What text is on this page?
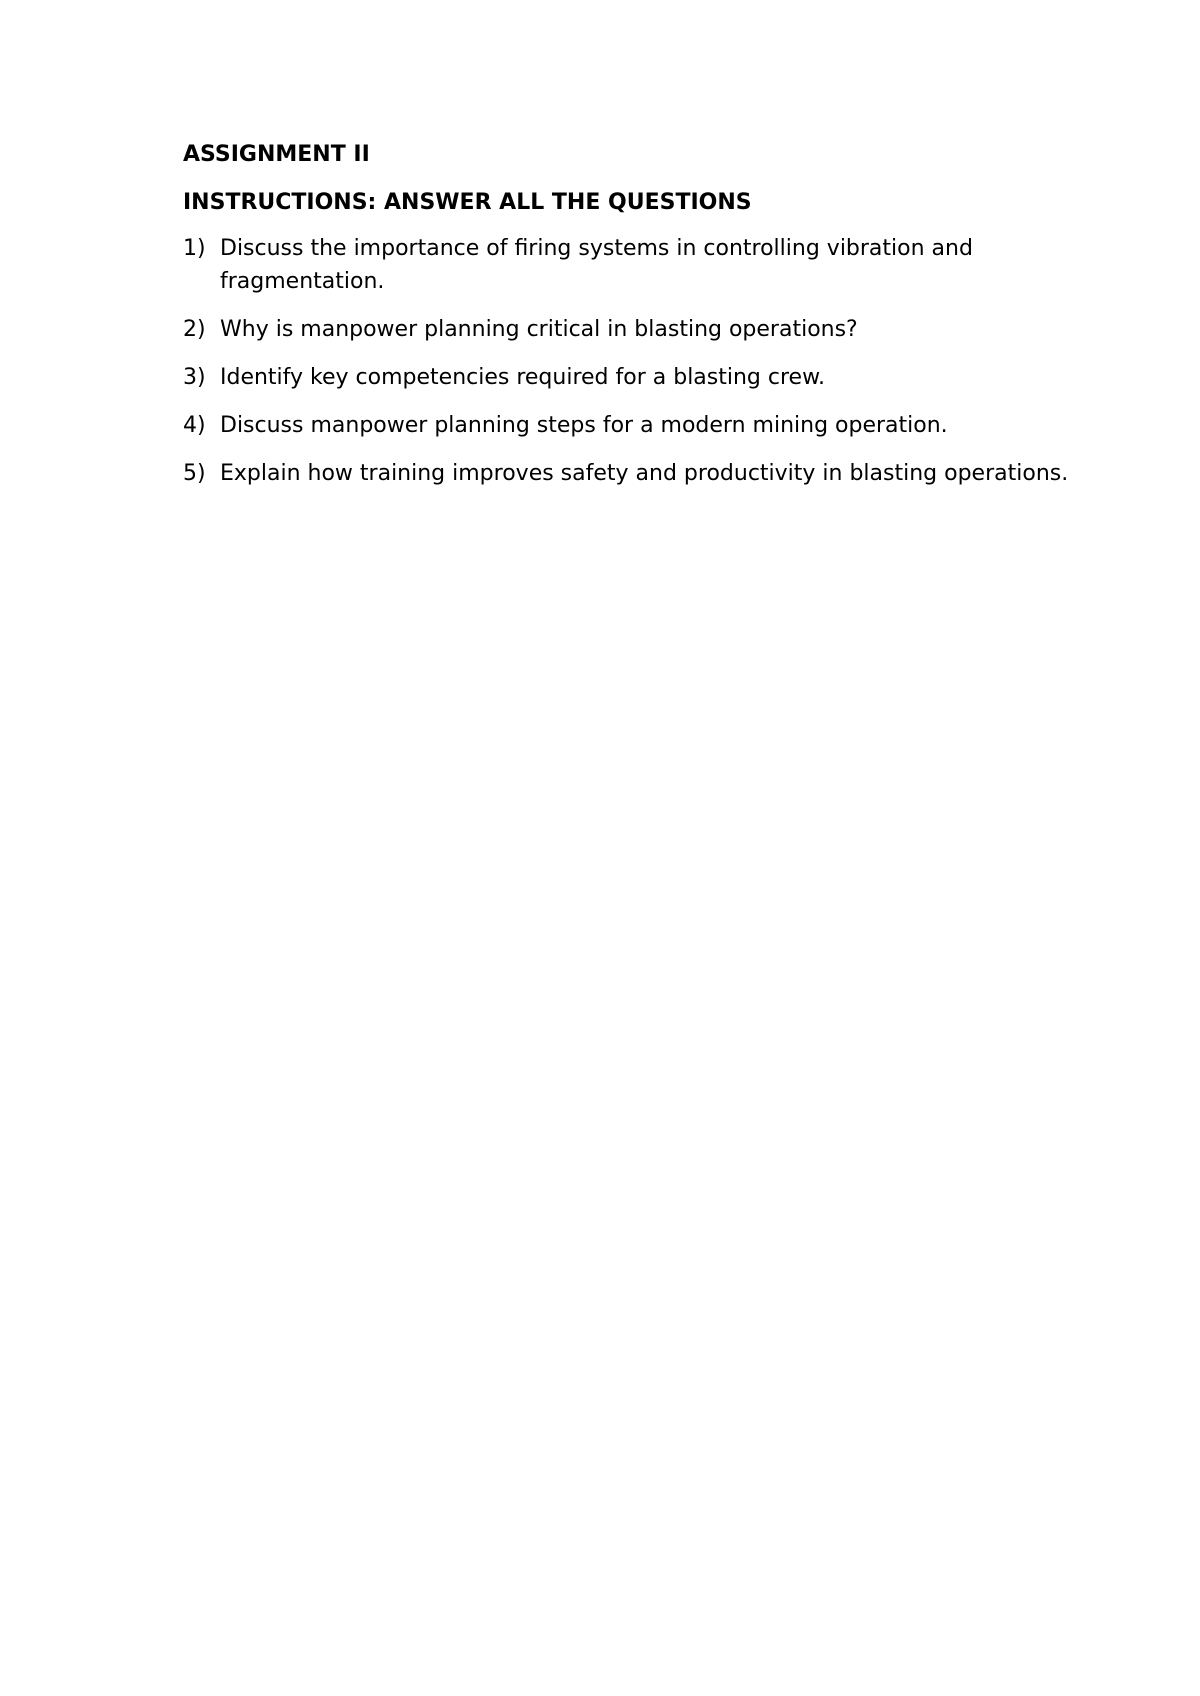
ASSIGNMENT II

INSTRUCTIONS: ANSWER ALL THE QUESTIONS

1) Discuss the importance of firing systems in controlling vibration and fragmentation.
2) Why is manpower planning critical in blasting operations?
3) Identify key competencies required for a blasting crew.
4) Discuss manpower planning steps for a modern mining operation.
5) Explain how training improves safety and productivity in blasting operations.
